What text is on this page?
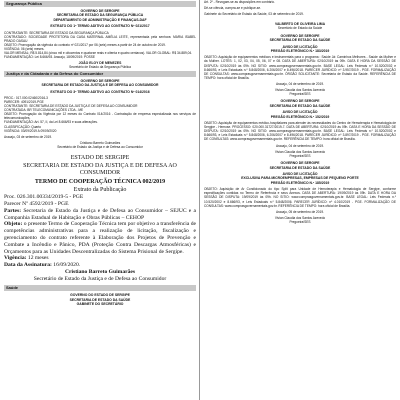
Segurança Pública
GOVERNO DE SERGIPE
SECRETARIA DE ESTADO DA SEGURANÇA PÚBLICA
DEPARTAMENTO DE ADMINISTRAÇÃO E FINANÇAS-DAF
EXTRATO DO 1º TERMO ADITIVO AO CONTRATO Nº 021/2017

CONTRATANTE: SECRETARIA DE ESTADO DA SEGURANÇA PÚBLICA

CONTRATADO: SOCIEDADE PROTETORA DA CASA MATERNAL AMÉLIA LEITE, representada pela senhora: MARIA ISABEL PRADO OASAU

OBJETO: Prorrogação da vigência do contrato nº 021/2017 por 06 (seis) meses a partir de 24 de outubro de 2019.

VIGÊNCIA: 06 (seis) meses.

VALOR MENSAL: R$ 5.814,84 (cinco mil e oitocentos e quatorze reais e oitenta e quatro centavos). VALOR GLOBAL: R$ 34.889,04.

FUNDAMENTAÇÃO: Lei 8.666/93. Aracaju, 18/09/2019. POSSE

JOÃO ELOY DE MENEZES
Secretário de Estado da Segurança Pública
Justiça e da Cidadania e da Defesa do Consumidor
GOVERNO DE SERGIPE
SECRETARIA DE ESTADO DA JUSTIÇA E DE DEFESA AO CONSUMIDOR
EXTRATO DO 3º TERMO ADITIVO AO CONTRATO Nº 014/2016

PROC.: 017.000.02460/2016-3

PARECER: 4091/2019-PGE

CONTRATANTE: SECRETARIA DE ESTADO DA JUSTIÇA E DE DEFESA AO CONSUMIDOR

CONTRATADA: BR TELECOMUNICAÇÕES LTDA - ME

OBJETO: Prorrogação da Vigência por 12 meses do Contrato 014/2016 - Contratação de empresa especializada nos serviços de telecomunicações.

FUNDAMENTAÇÃO: Art. 57, II, da Lei 8.666/93 e suas alterações.

CLASSIFICAÇÃO: Quarto

VIGÊNCIA: 03/09/2019 A 09/09/2020

Aracaju, 03 de setembro de 2019.

Cristiano Barreto Guimarães
Secretário de Estado da Justiça e de Defesa ao Consumidor
ESTADO DE SERGIPE
SECRETARIA DE ESTADO DA JUSTIÇA E DE DEFESA AO CONSUMIDOR
TERMO DE COOPERAÇÃO TÉCNICA 002/2019
Extrato da Publicação

Proc. 026.301.00334/2019-5 - PGE

Parecer Nº 4592/2019 - PGE

Partes: Secretaria de Estado da Justiça e de Defesa ao Consumidor – SEJUC e a Companhia Estadual de Habitação e Obras Públicas – CEHOP

Objeto: o presente Termo de Cooperação Técnica tem por objetivo a transferência de competências administrativas para a realização de licitação, fiscalização e gerenciamento do contrato referente à Elaboração dos Projetos de Prevenção e Combate a Incêndio e Pânico, PDA (Proteção Contra Descargas Atmosféricas) e Orçamentos para as Unidades Descentralizadas do Sistema Prisional de Sergipe.

Vigência: 12 meses

Data da Assinatura: 16/09/2020.

Cristiano Barreto Guimarães
Secretário de Estado da Justiça e de Defesa ao Consumidor
Saúde
GOVERNO DO ESTADO DE SERGIPE
SECRETARIA DE ESTADO DA SAÚDE
GABINETE DO SECRETÁRIO

Art. 2º - Revogam-se as disposições em contrário.

Dê-se ciência, cumpra-se e publique-se.

Gabinete do Secretário de Estado da Saúde, 03 de setembro de 2019.

VALBERTO DE OLIVEIRA LIMA
Secretário de Estado da Saúde
GOVERNO DE SERGIPE
SECRETARIA DE ESTADO DA SAÚDE
AVISO DE LICITAÇÃO
PREGÃO ELETRÔNICO N.º 183/2019

OBJETO: Aquisição de equipamentos médicos e instrumentais para o programa : Saúde Já: Caminhos Melhores - Saúde da Mulher e da Mulher. LOTES: 1, 02, 03, 04, 05, 06, 07 e 08. DATA DE ABERTURA: 02/10/2019 às 09h. DATA E HORA DA SESSÃO DE DISPUTA: 02/10/2019 às 09h. NO SITIO: www.comprasgovernamentais.gov.br. BASE LEGAL: Leis Federais n.º 10.520/2002 e 8.666/93, e Leis Estaduais n.º 5.848/2006, 6.206/2007 e 8.496/2018. PARECER JURÍDICO: nº 3.957/2019 - PGE. FORMALIZAÇÃO DE CONSULTAS: www.comprasgovernamentais.gov.br. ÓRGÃO SOLICITANTE: Secretaria de Estado da Saúde. REFERÊNCIA DE TEMPO: hora oficial de Brasília.

Aracaju, 04 de setembro de 2019.
Vivian Claudia dos Santos Azevedo
Pregoeira/SES
GOVERNO DE SERGIPE
SECRETARIA DE ESTADO DA SAÚDE
AVISO DE LICITAÇÃO
PREGÃO ELETRÔNICO N.º 152/2019

OBJETO: Aquisição de equipamentos médico-hospitalares para atender às necessidades do Centro de Hemoterapia e Hematologia de Sergipe - Hemose. PROCESSO: 020.000.31727/2019-7. DATA DE ABERTURA: 02/10/2019 às 09h. DATA E HORA DA SESSÃO DE DISPUTA: 02/10/2019 às 09h. NO SITIO: www.comprasgovernamentais.gov.br. BASE LEGAL: Leis Federais n.º 10.520/2002 e 8.666/93, e Leis Estaduais n.º 5.848/2006, 6.206/2007 e 8.496/2018. PARECER JURÍDICO: nº 3.897/2019 - PGE. FORMALIZAÇÃO DE CONSULTAS: www.comprasgovernamentais.gov.br. REFERÊNCIA DE TEMPO: hora oficial de Brasília.

Aracaju, 04 de setembro de 2019.
Vivian Claudia dos Santos Azevedo
Pregoeira/SES
GOVERNO DE SERGIPE
SECRETARIA DE ESTADO DA SAÚDE
AVISO DE LICITAÇÃO
EXCLUSIVA PARA MICROEMPRESAS, EMPRESAS DE PEQUENO PORTE
PREGÃO ELETRÔNICO N.º 185/2019

OBJETO: Aquisição de Ar Condicionado do tipo Split para Unidade de Hemoterapia e Hematologia de Sergipe, conforme especificações contidas no Termo de Referência e seus Anexos. DATA DE ABERTURA: 19/09/2019 às 09h. DATA E HORA DA SESSÃO DE DISPUTA: 19/09/2019 às 09h. NO SITIO: www.comprasgovernamentais.gov.br. BASE LEGAL: Leis Federais n.º 10.520/2002 e 8.666/93, e Leis Estaduais n.º 5.848/2006. PARECER JURÍDICO: nº 4.010/2019 - PGE. FORMALIZAÇÃO DE CONSULTAS: www.comprasgovernamentais.gov.br. REFERÊNCIA DE TEMPO: hora oficial de Brasília.

Aracaju, 05 de setembro de 2019.
Vivian Claudia dos Santos Azevedo
Pregoeira/SES
